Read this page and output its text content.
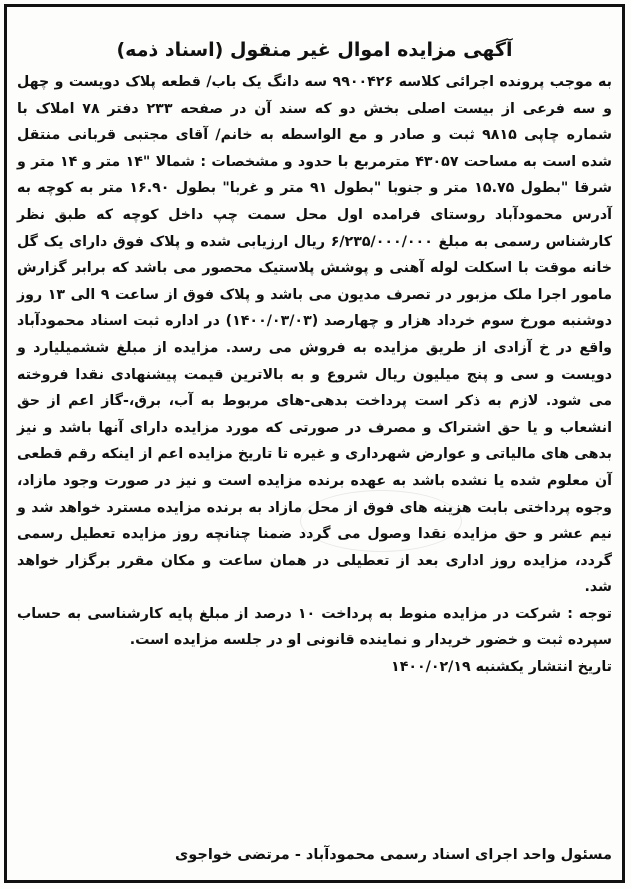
آگهی مزایده اموال غیر منقول (اسناد ذمه)

به موجب پرونده اجرائی کلاسه ۹۹۰۰۴۲۶ سه دانگ یک باب/ قطعه پلاک دویست و چهل و سه فرعی از بیست اصلی بخش دو که سند آن در صفحه ۲۳۳ دفتر ۷۸ املاک با شماره چاپی ۹۸۱۵ ثبت و صادر و مع الواسطه به خانم/ آقای مجتبی قربانی منتقل شده است به مساحت ۴۳۰۵۷ مترمربع با حدود و مشخصات : شمالا "۱۴ متر و ۱۴ متر و شرقا "بطول ۱۵.۷۵ متر و جنوبا "بطول ۹۱ متر و غربا" بطول ۱۶.۹۰ متر به کوچه به آدرس محمودآباد روستای فرامده اول محل سمت چپ داخل کوچه که طبق نظر کارشناس رسمی به مبلغ ۶/۲۳۵/۰۰۰/۰۰۰ ریال ارزیابی شده و پلاک فوق دارای یک گل خانه موقت با اسکلت لوله آهنی و پوشش پلاستیک محصور می باشد که برابر گزارش مامور اجرا ملک مزبور در تصرف مدیون می باشد و پلاک فوق از ساعت ۹ الی ۱۳ روز دوشنبه مورخ سوم خرداد هزار و چهارصد (۱۴۰۰/۰۳/۰۳) در اداره ثبت اسناد محمودآباد واقع در خ آزادی از طریق مزایده به فروش می رسد. مزایده از مبلغ ششمیلیارد و دویست و سی و پنج میلیون ریال شروع و به بالاترین قیمت پیشنهادی نقدا فروخته می شود. لازم به ذکر است پرداخت بدهی-های مربوط به آب، برق،-گاز اعم از حق انشعاب و یا حق اشتراک و مصرف در صورتی که مورد مزایده دارای آنها باشد و نیز بدهی های مالیاتی و عوارض شهرداری و غیره تا تاریخ مزایده اعم از اینکه رقم قطعی آن معلوم شده یا نشده باشد به عهده برنده مزایده است و نیز در صورت وجود مازاد، وجوه پرداختی بابت هزینه های فوق از محل مازاد به برنده مزایده مسترد خواهد شد و نیم عشر و حق مزایده نقدا وصول می گردد ضمنا چنانچه روز مزایده تعطیل رسمی گردد، مزایده روز اداری بعد از تعطیلی در همان ساعت و مکان مقرر برگزار خواهد شد.

توجه : شرکت در مزایده منوط به پرداخت ۱۰ درصد از مبلغ پایه کارشناسی به حساب سپرده ثبت و خضور خریدار و نماینده قانونی او در جلسه مزایده است.

تاریخ انتشار یکشنبه ۱۴۰۰/۰۲/۱۹

مسئول واحد اجرای اسناد رسمی محمودآباد - مرتضی خواجوی
